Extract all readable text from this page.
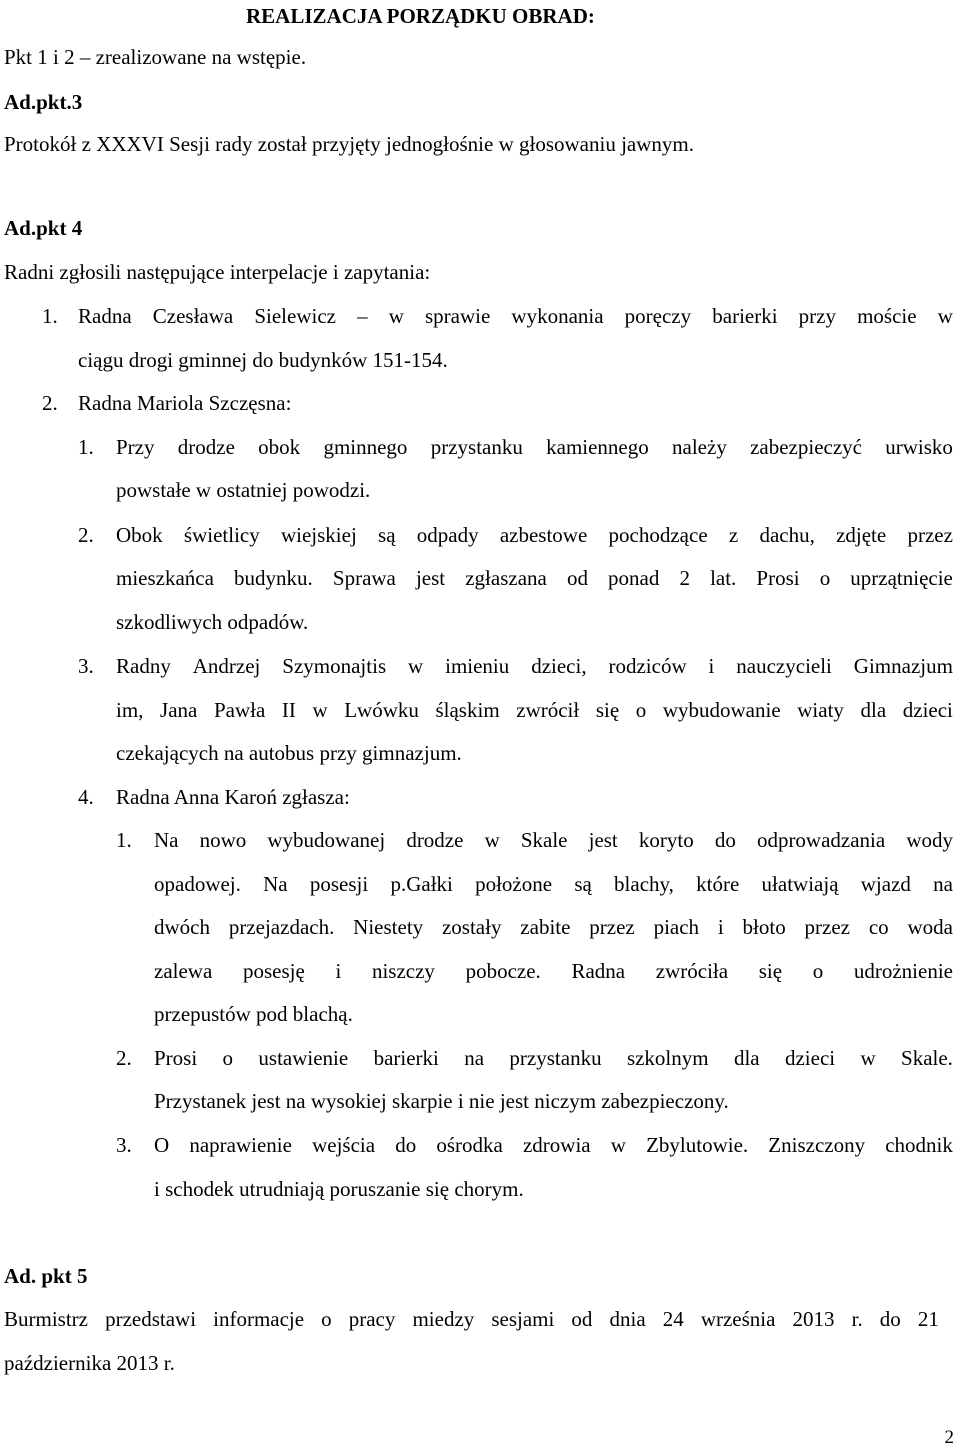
REALIZACJA PORZĄDKU OBRAD:
Pkt 1 i 2 – zrealizowane na wstępie.
Ad.pkt.3
Protokół z XXXVI Sesji rady został przyjęty jednogłośnie w głosowaniu jawnym.
Ad.pkt 4
Radni zgłosili następujące interpelacje i zapytania:
1. Radna Czesława Sielewicz – w sprawie wykonania poręczy barierki przy moście w
ciągu drogi gminnej do budynków 151-154.
2. Radna Mariola Szczęsna:
1. Przy drodze obok gminnego przystanku kamiennego należy zabezpieczyć urwisko
powstałe w ostatniej powodzi.
2. Obok świetlicy wiejskiej są odpady azbestowe pochodzące z dachu, zdjęte przez
mieszkańca budynku. Sprawa jest zgłaszana od ponad 2 lat. Prosi o uprzątnięcie
szkodliwych odpadów.
3. Radny Andrzej Szymonajtis w imieniu dzieci, rodziców i nauczycieli Gimnazjum
im, Jana Pawła II w Lwówku śląskim zwrócił się o wybudowanie wiaty dla dzieci
czekających na autobus przy gimnazjum.
4. Radna Anna Karoń zgłasza:
1. Na nowo wybudowanej drodze w Skale jest koryto do odprowadzania wody
opadowej. Na posesji p.Gałki położone są blachy, które ułatwiają wjazd na
dwóch przejazdach. Niestety zostały zabite przez piach i błoto przez co woda
zalewa posesję i niszczy pobocze. Radna zwróciła się o udrożnienie
przepustów pod blachą.
2. Prosi o ustawienie barierki na przystanku szkolnym dla dzieci w Skale.
Przystanek jest na wysokiej skarpie i nie jest niczym zabezpieczony.
3. O naprawienie wejścia do ośrodka zdrowia w Zbylutowie. Zniszczony chodnik
i schodek utrudniają poruszanie się chorym.
Ad. pkt 5
Burmistrz przedstawi informacje o pracy miedzy sesjami od dnia 24 września 2013 r. do 21
października 2013 r.
2
